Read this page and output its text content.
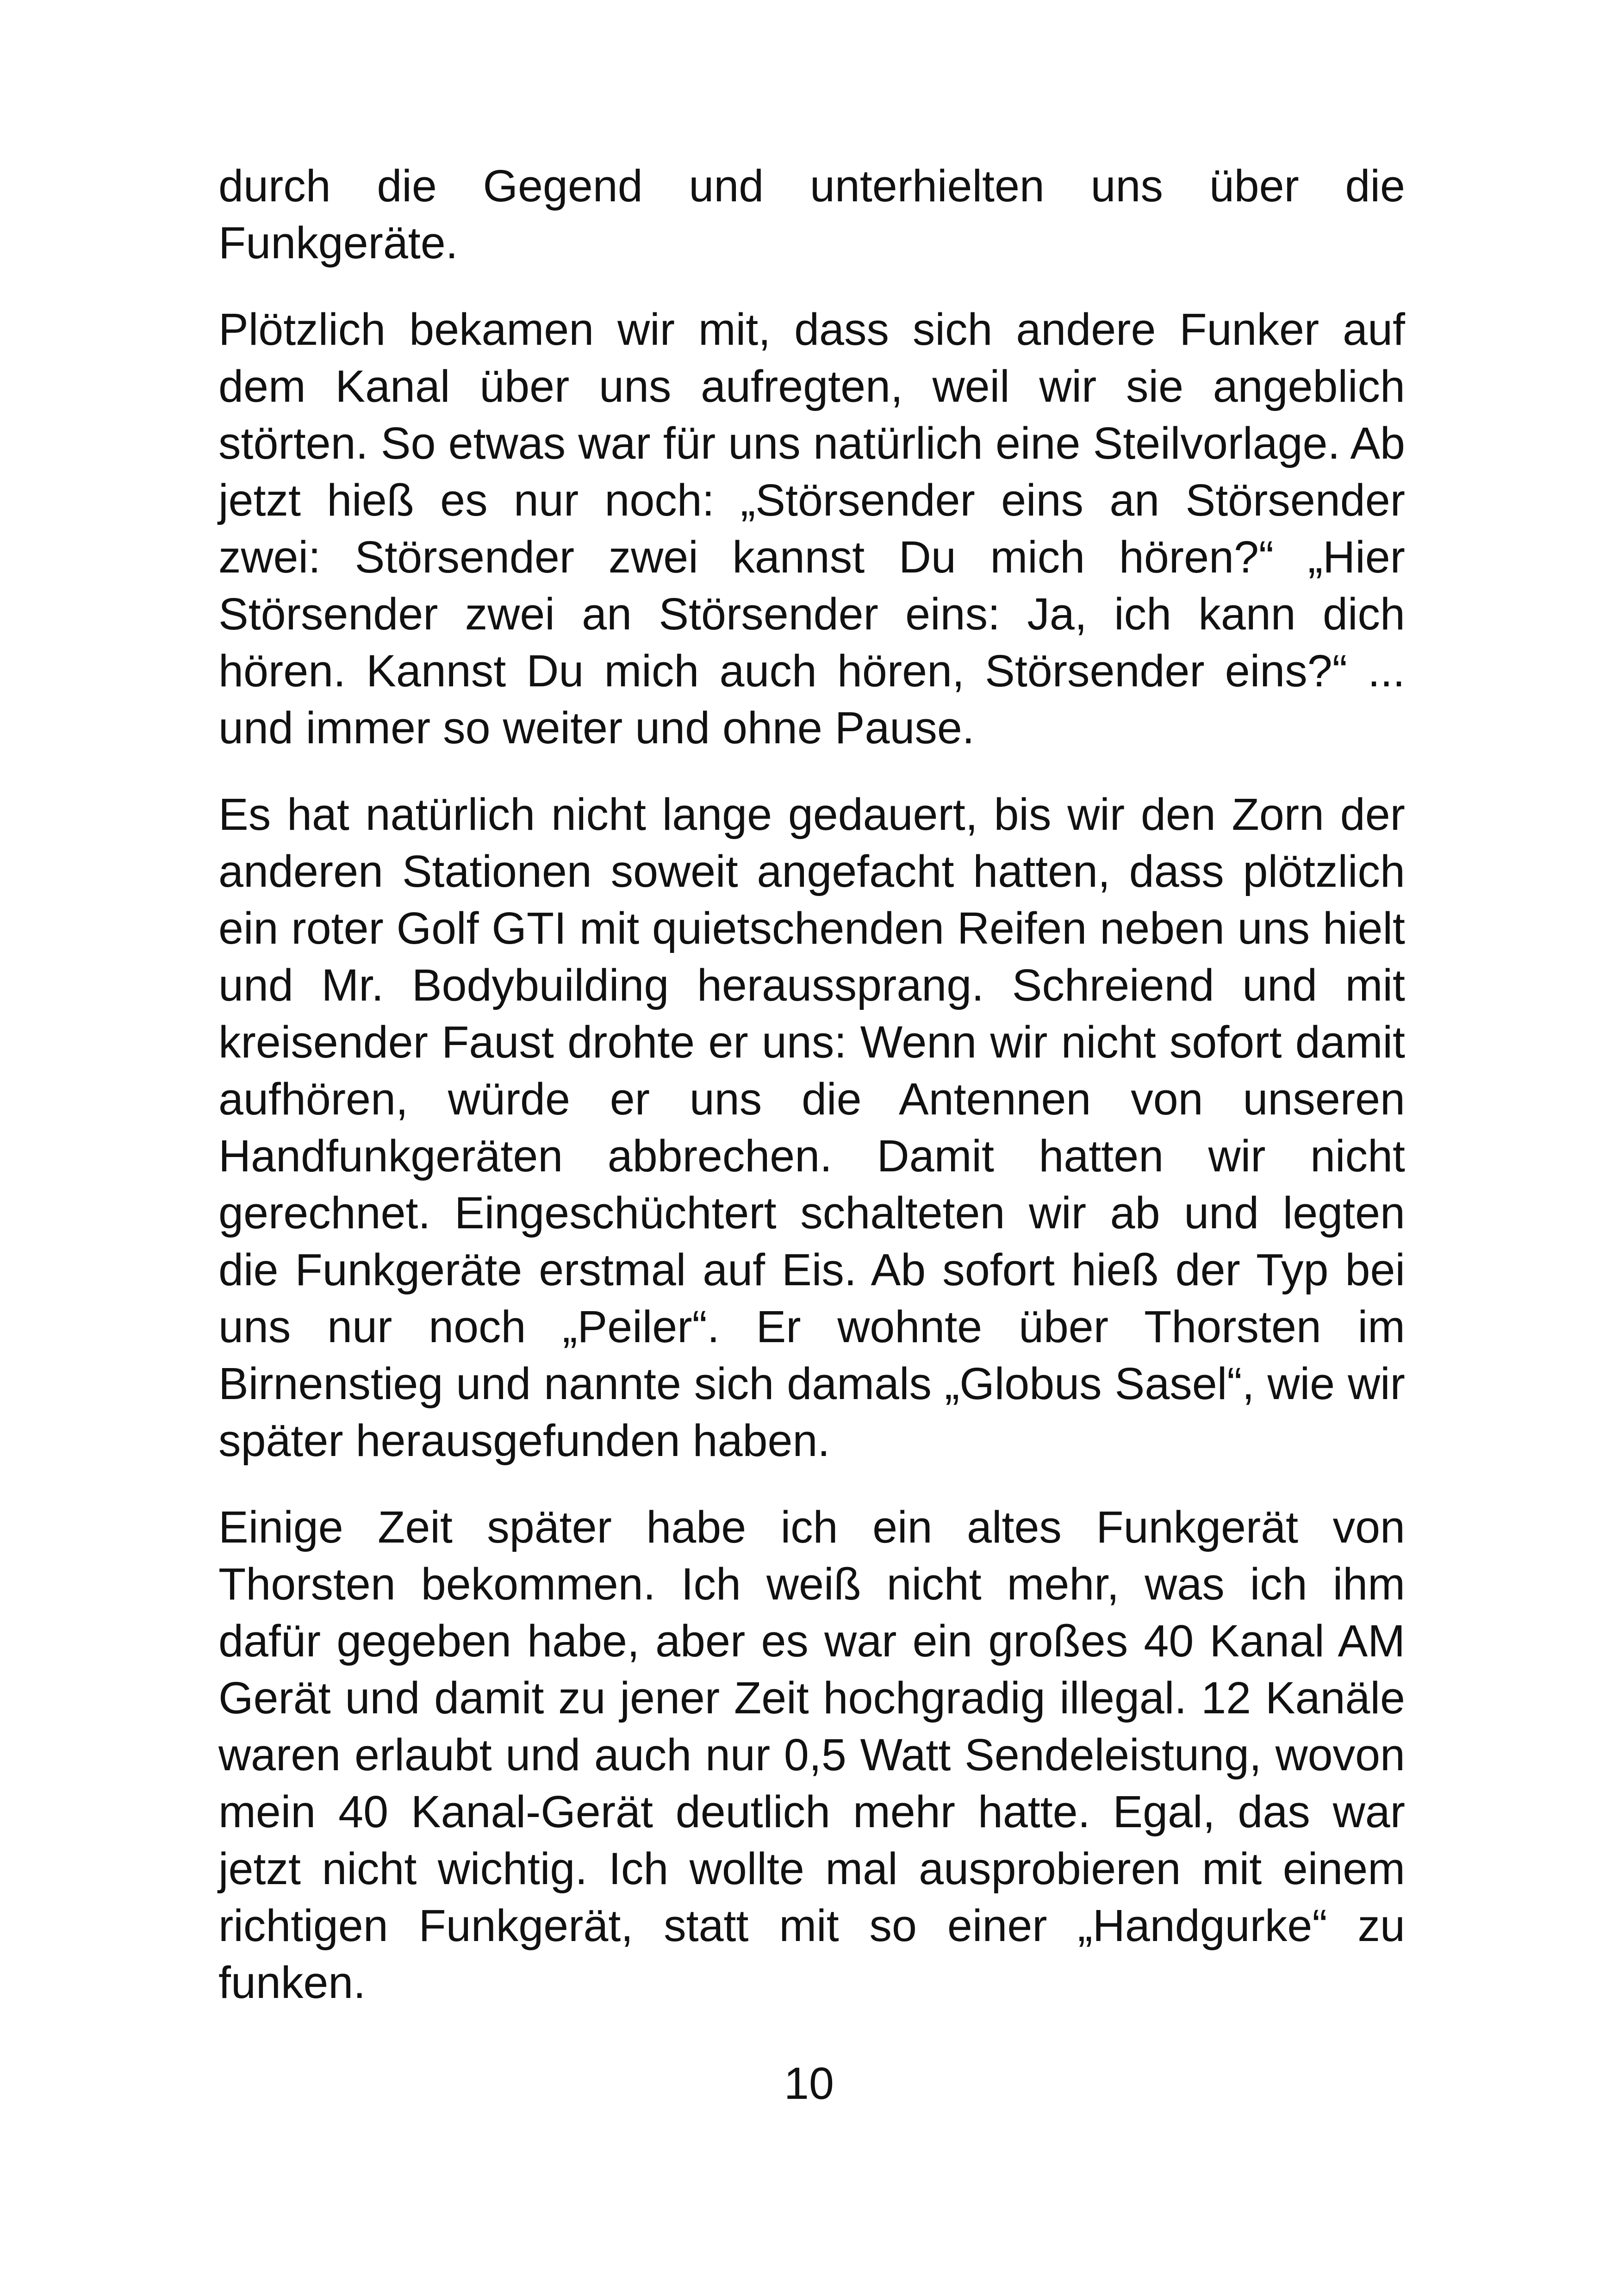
durch die Gegend und unterhielten uns über die Funkgeräte.

Plötzlich bekamen wir mit, dass sich andere Funker auf dem Kanal über uns aufregten, weil wir sie angeblich störten. So etwas war für uns natürlich eine Steilvorlage. Ab jetzt hieß es nur noch: „Störsender eins an Störsender zwei: Störsender zwei kannst Du mich hören?“ „Hier Störsender zwei an Störsender eins: Ja, ich kann dich hören. Kannst Du mich auch hören, Störsender eins?“ ... und immer so weiter und ohne Pause.

Es hat natürlich nicht lange gedauert, bis wir den Zorn der anderen Stationen soweit angefacht hatten, dass plötzlich ein roter Golf GTI mit quietschenden Reifen neben uns hielt und Mr. Bodybuilding heraussprang. Schreiend und mit kreisender Faust drohte er uns: Wenn wir nicht sofort damit aufhören, würde er uns die Antennen von unseren Handfunkgeräten abbrechen. Damit hatten wir nicht gerechnet. Eingeschüchtert schalteten wir ab und legten die Funkgeräte erstmal auf Eis. Ab sofort hieß der Typ bei uns nur noch „Peiler“. Er wohnte über Thorsten im Birnenstieg und nannte sich damals „Globus Sasel“, wie wir später herausgefunden haben.

Einige Zeit später habe ich ein altes Funkgerät von Thorsten bekommen. Ich weiß nicht mehr, was ich ihm dafür gegeben habe, aber es war ein großes 40 Kanal AM Gerät und damit zu jener Zeit hochgradig illegal. 12 Kanäle waren erlaubt und auch nur 0,5 Watt Sendeleistung, wovon mein 40 Kanal-Gerät deutlich mehr hatte. Egal, das war jetzt nicht wichtig. Ich wollte mal ausprobieren mit einem richtigen Funkgerät, statt mit so einer „Handgurke“ zu funken.

10
